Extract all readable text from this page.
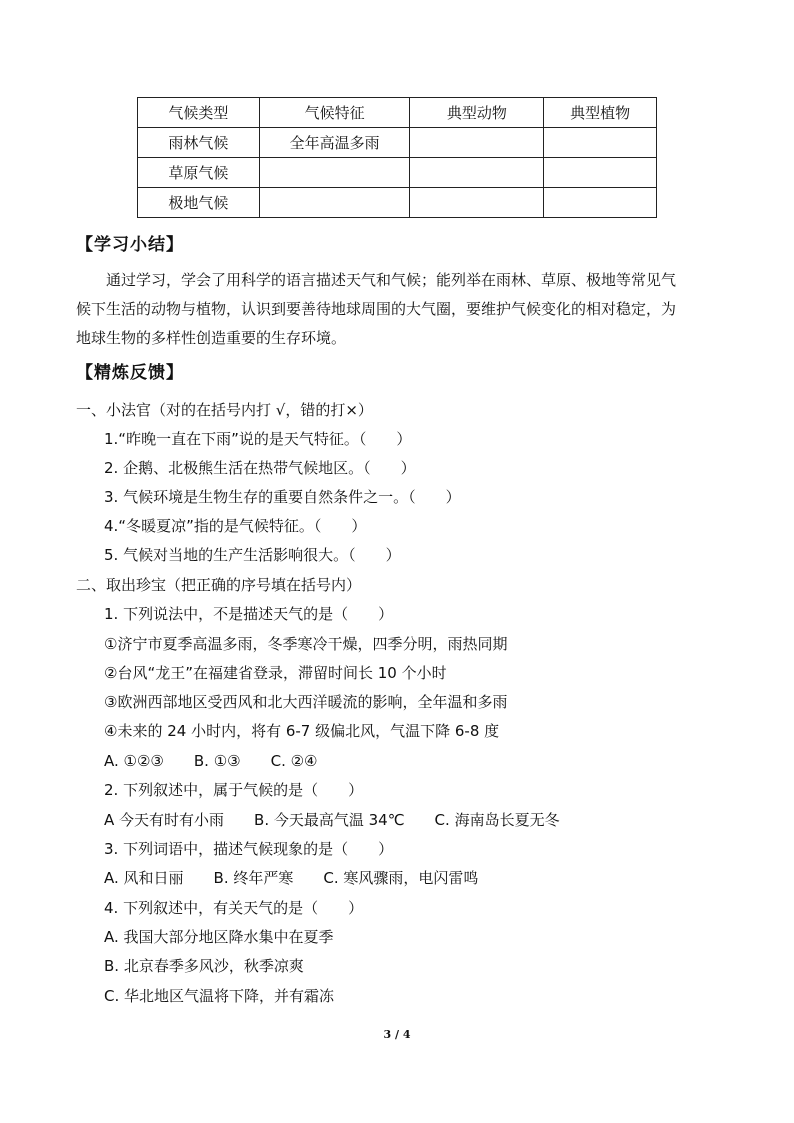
气候类型	气候特征	典型动物	典型植物
雨林气候	全年高温多雨		
草原气候			
极地气候			
【学习小结】
通过学习，学会了用科学的语言描述天气和气候；能列举在雨林、草原、极地等常见气
候下生活的动物与植物，认识到要善待地球周围的大气圈，要维护气候变化的相对稳定，为
地球生物的多样性创造重要的生存环境。
【精炼反馈】
一、小法官（对的在括号内打 √，错的打×）
1.“昨晚一直在下雨”说的是天气特征。（　　）
2. 企鹅、北极熊生活在热带气候地区。（　　）
3. 气候环境是生物生存的重要自然条件之一。（　　）
4.“冬暖夏凉”指的是气候特征。（　　）
5. 气候对当地的生产生活影响很大。（　　）
二、取出珍宝（把正确的序号填在括号内）
1. 下列说法中，不是描述天气的是（　　）
①济宁市夏季高温多雨，冬季寒冷干燥，四季分明，雨热同期
②台风“龙王”在福建省登录，滞留时间长 10 个小时
③欧洲西部地区受西风和北大西洋暖流的影响，全年温和多雨
④未来的 24 小时内，将有 6-7 级偏北风，气温下降 6-8 度
A. ①②③　　B. ①③　　C. ②④
2. 下列叙述中，属于气候的是（　　）
A 今天有时有小雨　　B. 今天最高气温 34℃　　C. 海南岛长夏无冬
3. 下列词语中，描述气候现象的是（　　）
A. 风和日丽　　B. 终年严寒　　C. 寒风骤雨，电闪雷鸣
4. 下列叙述中，有关天气的是（　　）
A. 我国大部分地区降水集中在夏季
B. 北京春季多风沙，秋季凉爽
C. 华北地区气温将下降，并有霜冻
3 / 4
